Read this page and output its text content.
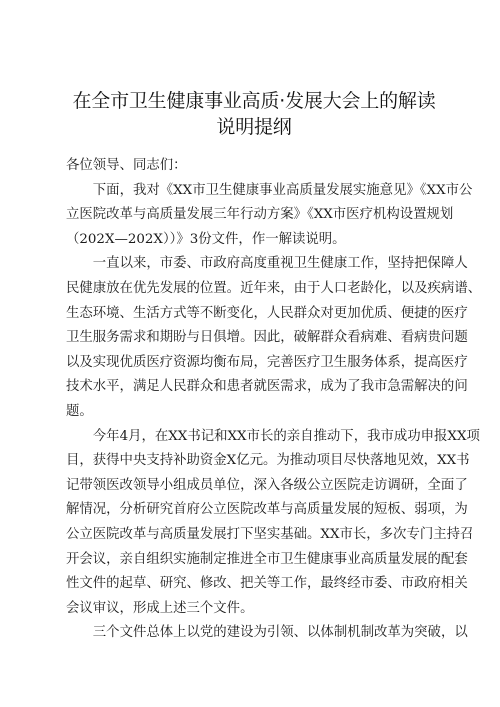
在全市卫生健康事业高质·发展大会上的解读
说明提纲
各位领导、同志们：

下面，我对《XX市卫生健康事业高质量发展实施意见》《XX市公
立医院改革与高质量发展三年行动方案》《XX市医疗机构设置规划
（202X—202X））》3份文件，作一解读说明。

一直以来，市委、市政府高度重视卫生健康工作，坚持把保障人
民健康放在优先发展的位置。近年来，由于人口老龄化，以及疾病谱、
生态环境、生活方式等不断变化，人民群众对更加优质、便捷的医疗
卫生服务需求和期盼与日俱增。因此，破解群众看病难、看病贵问题
以及实现优质医疗资源均衡布局，完善医疗卫生服务体系，提高医疗
技术水平，满足人民群众和患者就医需求，成为了我市急需解决的问
题。

今年4月，在XX书记和XX市长的亲自推动下，我市成功申报XX项
目，获得中央支持补助资金X亿元。为推动项目尽快落地见效，XX书
记带领医改领导小组成员单位，深入各级公立医院走访调研，全面了
解情况，分析研究首府公立医院改革与高质量发展的短板、弱项，为
公立医院改革与高质量发展打下坚实基础。XX市长，多次专门主持召
开会议，亲自组织实施制定推进全市卫生健康事业高质量发展的配套
性文件的起草、研究、修改、把关等工作，最终经市委、市政府相关
会议审议，形成上述三个文件。

三个文件总体上以党的建设为引领、以体制机制改革为突破，以
